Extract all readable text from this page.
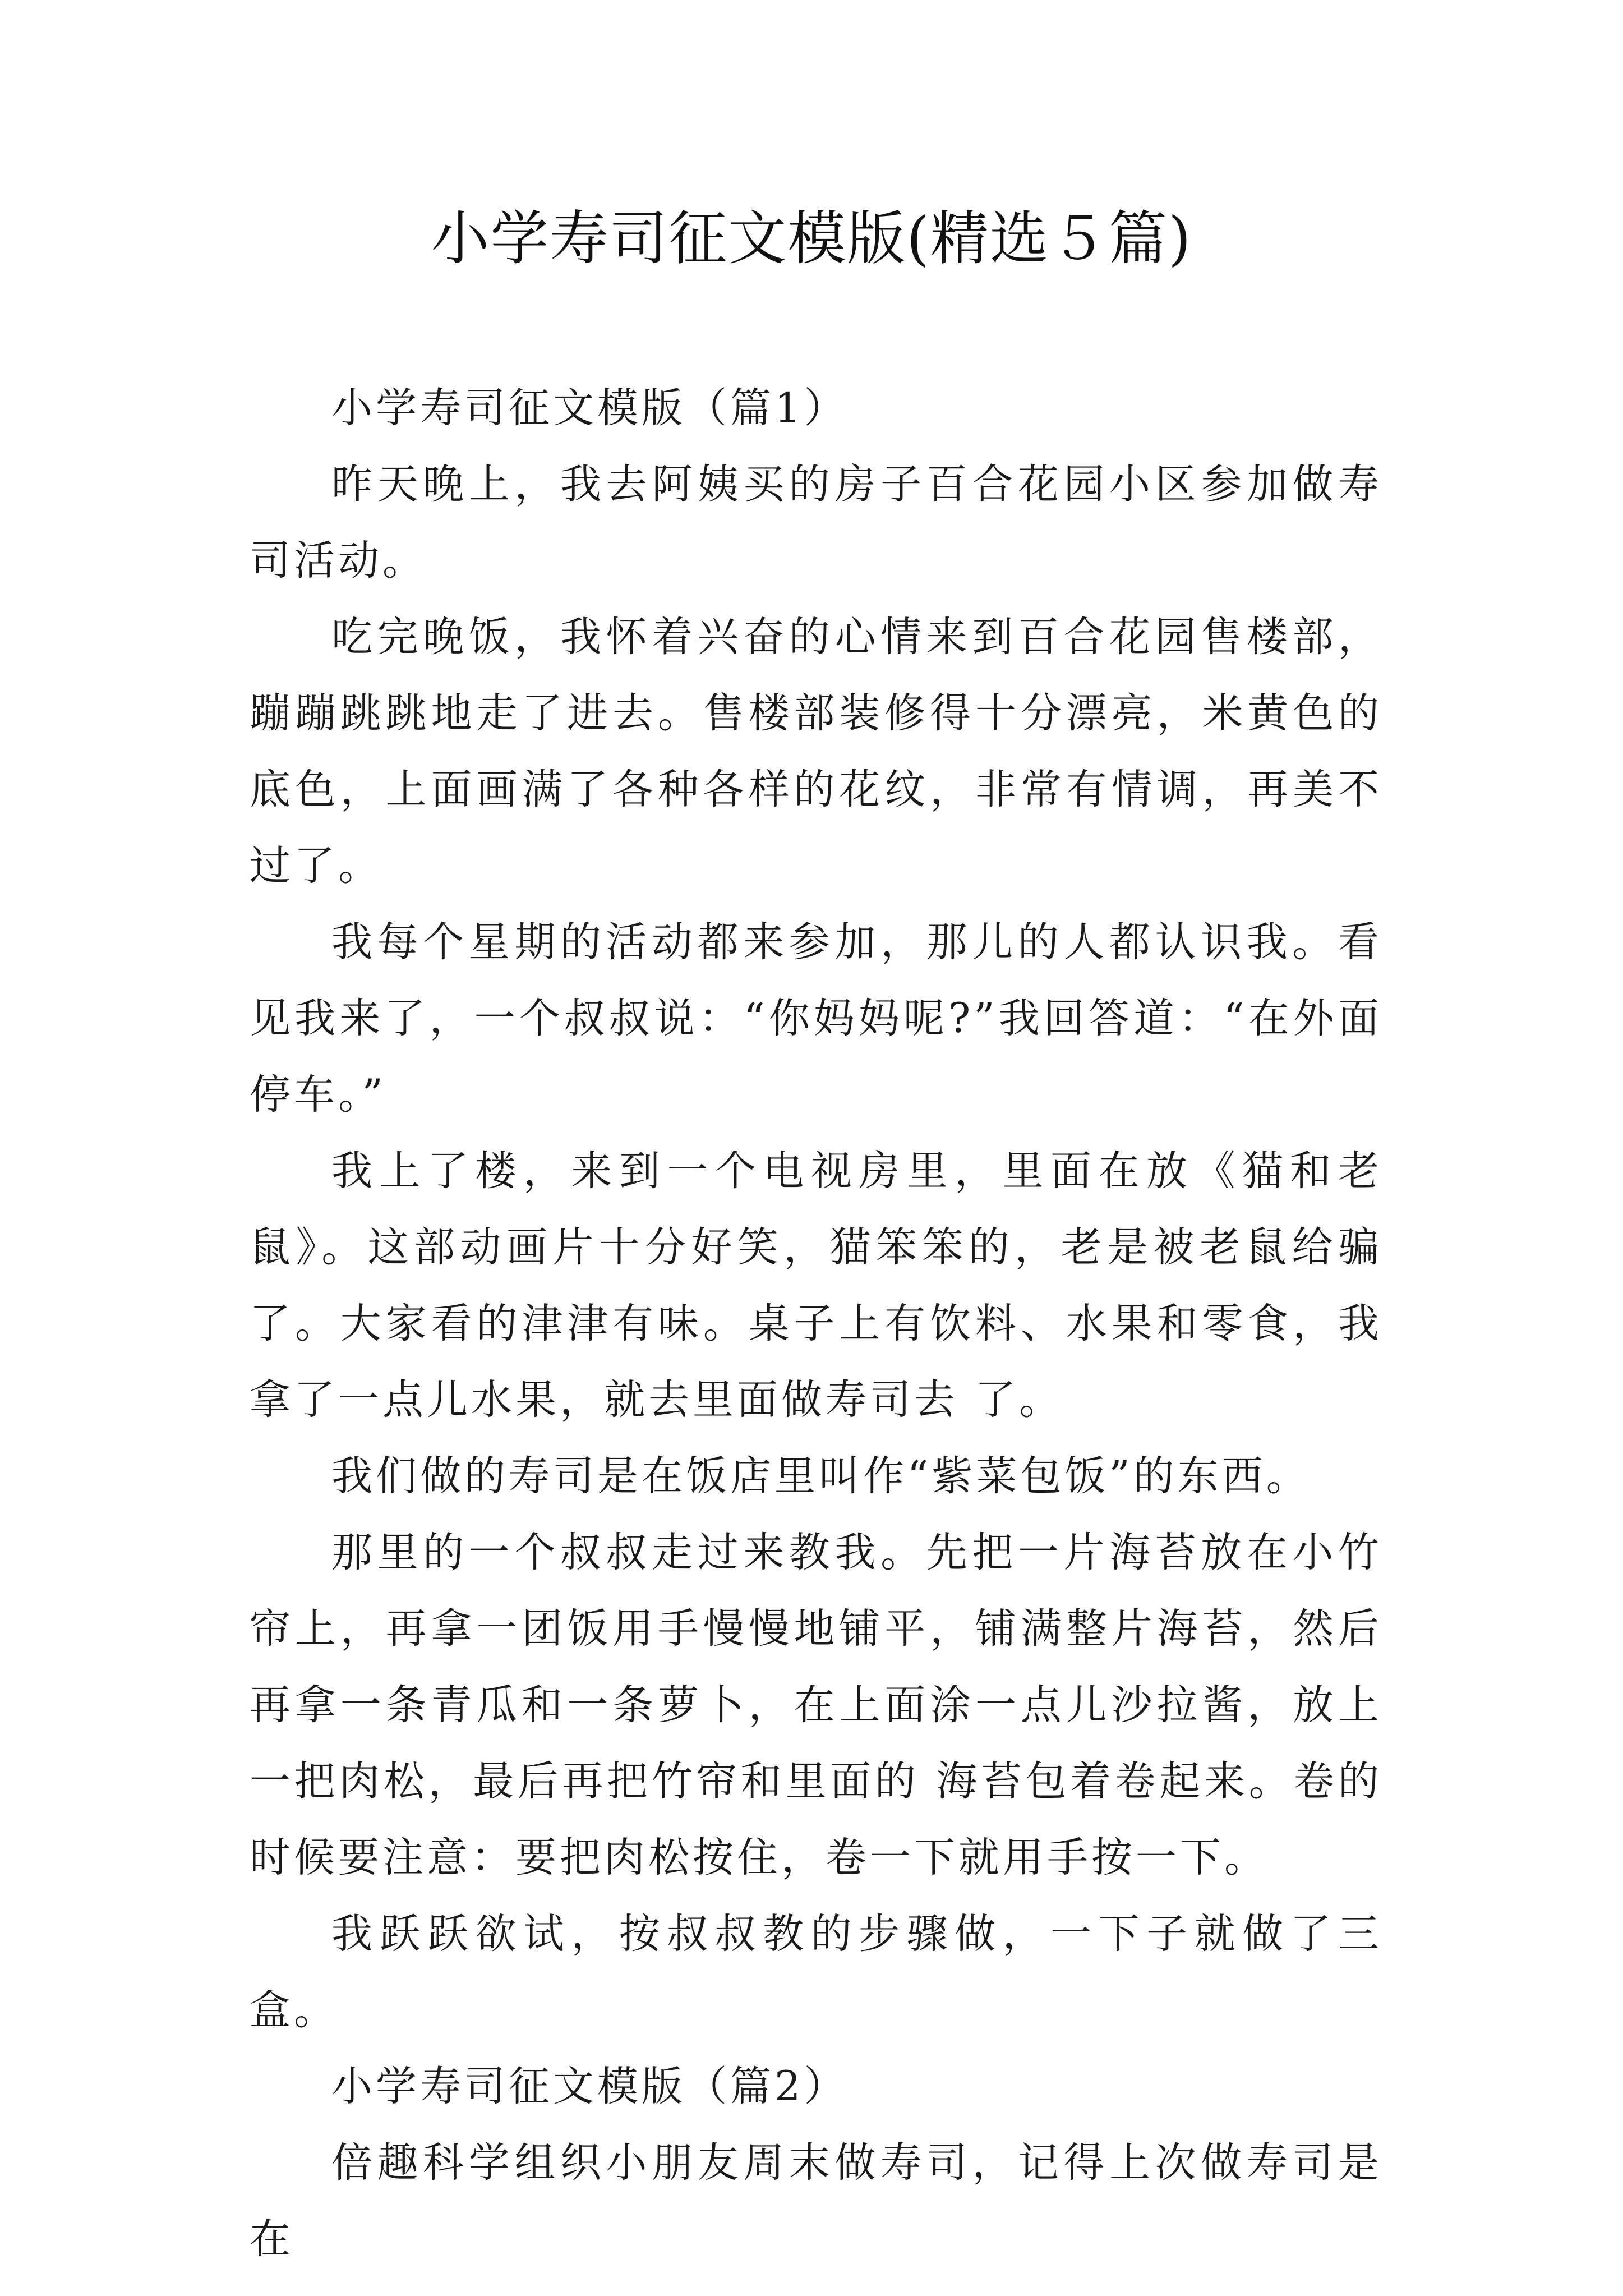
小学寿司征文模版(精选５篇)

小学寿司征文模版（篇1）

昨天晚上，我去阿姨买的房子百合花园小区参加做寿司活动。

吃完晚饭，我怀着兴奋的心情来到百合花园售楼部，蹦蹦跳跳地走了进去。售楼部装修得十分漂亮，米黄色的底色，上面画满了各种各样的花纹，非常有情调，再美不过了。

我每个星期的活动都来参加，那儿的人都认识我。看见我来了，一个叔叔说：“你妈妈呢?”我回答道：“在外面停车。”

我上了楼，来到一个电视房里，里面在放《猫和老鼠》。这部动画片十分好笑，猫笨笨的，老是被老鼠给骗了。大家看的津津有味。桌子上有饮料、水果和零食，我拿了一点儿水果，就去里面做寿司去 了。

我们做的寿司是在饭店里叫作“紫菜包饭”的东西。

那里的一个叔叔走过来教我。先把一片海苔放在小竹帘上，再拿一团饭用手慢慢地铺平，铺满整片海苔，然后再拿一条青瓜和一条萝卜，在上面涂一点儿沙拉酱，放上一把肉松，最后再把竹帘和里面的 海苔包着卷起来。卷的时候要注意：要把肉松按住，卷一下就用手按一下。

我跃跃欲试，按叔叔教的步骤做，一下子就做了三盒。

小学寿司征文模版（篇2）

倍趣科学组织小朋友周末做寿司，记得上次做寿司是在
